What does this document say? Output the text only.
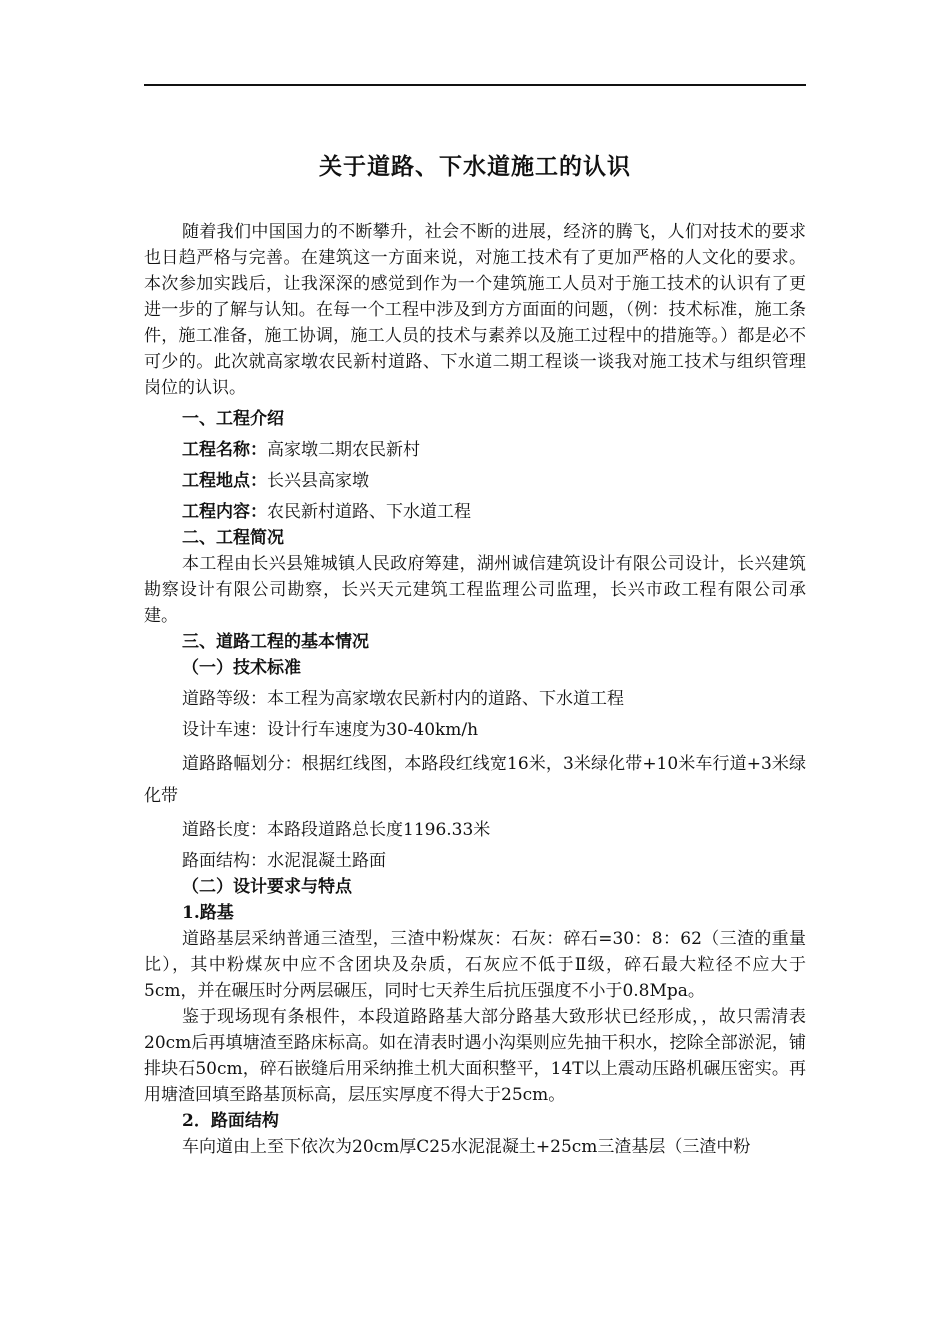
关于道路、下水道施工的认识

随着我们中国国力的不断攀升，社会不断的进展，经济的腾飞，人们对技术的要求也日趋严格与完善。在建筑这一方面来说，对施工技术有了更加严格的人文化的要求。本次参加实践后，让我深深的感觉到作为一个建筑施工人员对于施工技术的认识有了更进一步的了解与认知。在每一个工程中涉及到方方面面的问题，（例：技术标准，施工条件，施工准备，施工协调，施工人员的技术与素养以及施工过程中的措施等。）都是必不可少的。此次就高家墩农民新村道路、下水道二期工程谈一谈我对施工技术与组织管理岗位的认识。

一、工程介绍

工程名称：高家墩二期农民新村

工程地点：长兴县高家墩

工程内容：农民新村道路、下水道工程

二、工程简况

本工程由长兴县雉城镇人民政府筹建，湖州诚信建筑设计有限公司设计，长兴建筑勘察设计有限公司勘察，长兴天元建筑工程监理公司监理，长兴市政工程有限公司承建。

三、道路工程的基本情况

（一）技术标准

道路等级：本工程为高家墩农民新村内的道路、下水道工程

设计车速：设计行车速度为30-40km/h

道路路幅划分：根据红线图，本路段红线宽16米，3米绿化带+10米车行道+3米绿化带

道路长度：本路段道路总长度1196.33米

路面结构：水泥混凝土路面

（二）设计要求与特点

1.路基

道路基层采纳普通三渣型，三渣中粉煤灰：石灰：碎石=30：8：62（三渣的重量比），其中粉煤灰中应不含团块及杂质，石灰应不低于Ⅱ级，碎石最大粒径不应大于5cm，并在碾压时分两层碾压，同时七天养生后抗压强度不小于0.8Mpa。

鉴于现场现有条根件，本段道路路基大部分路基大致形状已经形成，，故只需清表20cm后再填塘渣至路床标高。如在清表时遇小沟渠则应先抽干积水，挖除全部淤泥，铺排块石50cm，碎石嵌缝后用采纳推土机大面积整平，14T以上震动压路机碾压密实。再用塘渣回填至路基顶标高，层压实厚度不得大于25cm。

2．路面结构

车向道由上至下依次为20cm厚C25水泥混凝土+25cm三渣基层（三渣中粉
